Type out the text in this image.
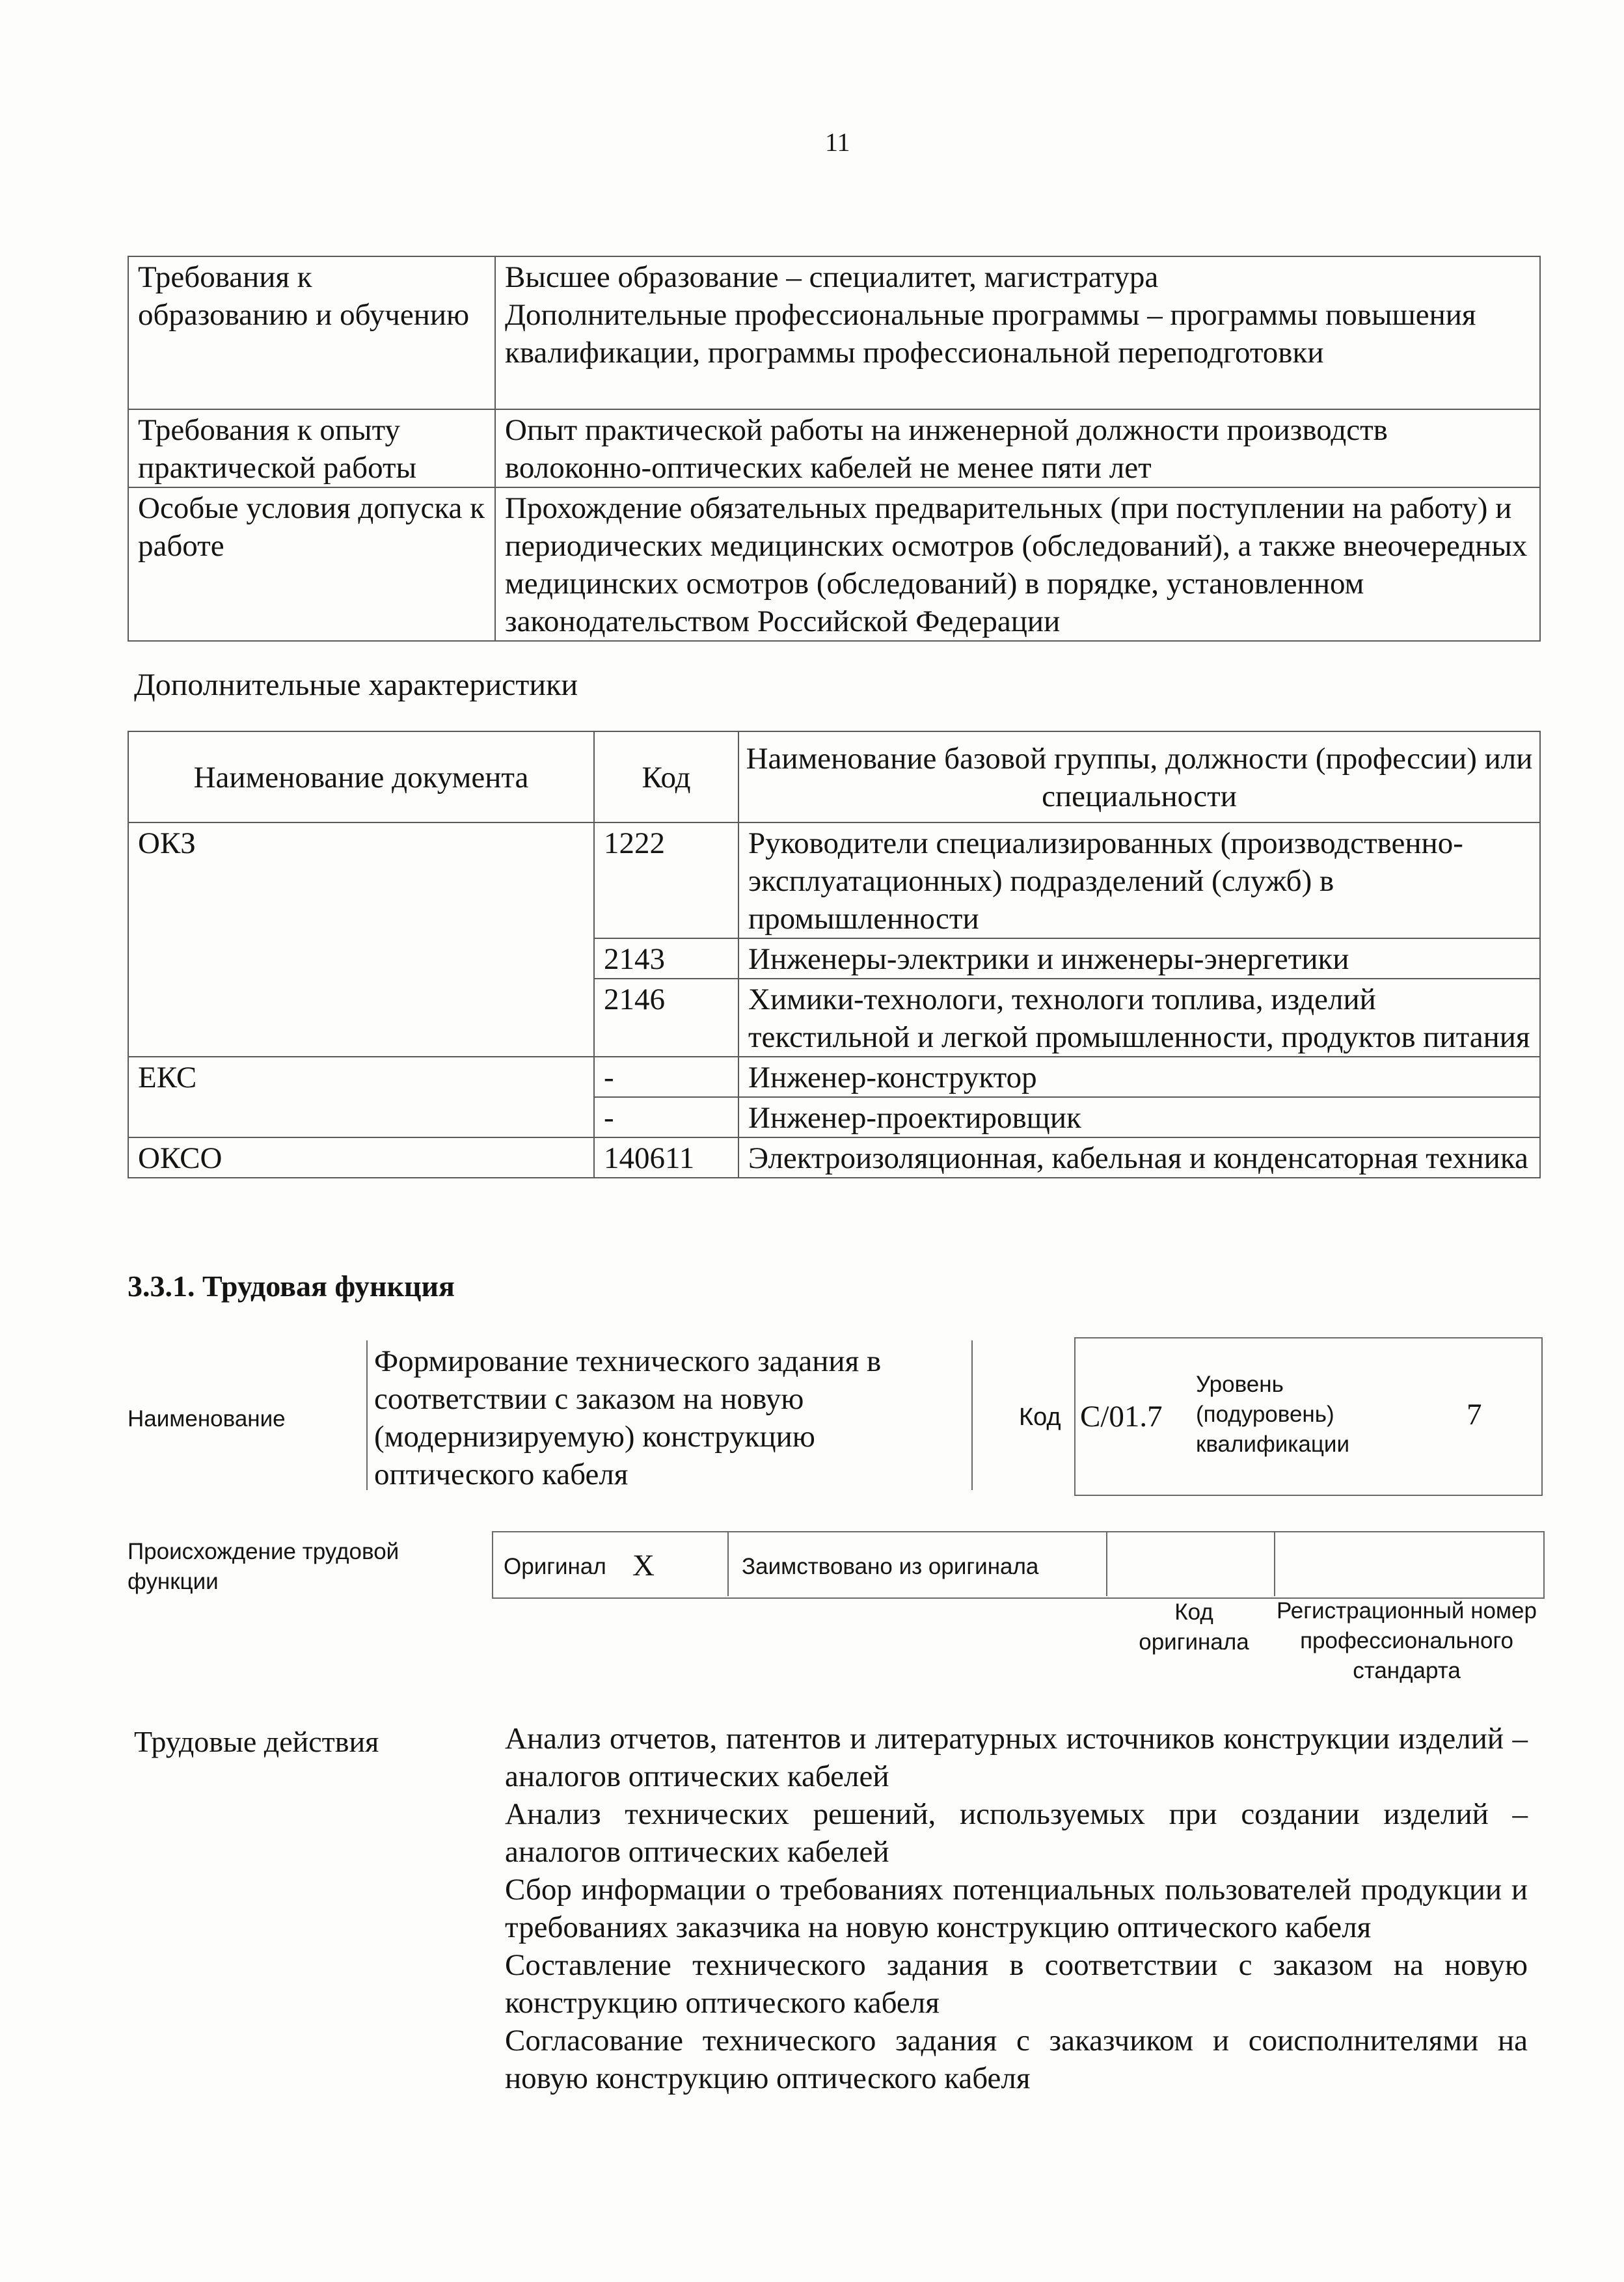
11
Требования к образованию и обучению	Высшее образование – специалитет, магистратура
Дополнительные профессиональные программы – программы повышения квалификации, программы профессиональной переподготовки

Требования к опыту практической работы	Опыт практической работы на инженерной должности производств волоконно-оптических кабелей не менее пяти лет

Особые условия допуска к работе	Прохождение обязательных предварительных (при поступлении на работу) и периодических медицинских осмотров (обследований), а также внеочередных медицинских осмотров (обследований) в порядке, установленном законодательством Российской Федерации
Дополнительные характеристики
Наименование документа	Код	Наименование базовой группы, должности (профессии) или специальности
ОКЗ	1222	Руководители специализированных (производственно-эксплуатационных) подразделений (служб) в промышленности
	2143	Инженеры-электрики и инженеры-энергетики
	2146	Химики-технологи, технологи топлива, изделий текстильной и легкой промышленности, продуктов питания
ЕКС	-	Инженер-конструктор
	-	Инженер-проектировщик
ОКСО	140611	Электроизоляционная, кабельная и конденсаторная техника
3.3.1. Трудовая функция
Наименование
Формирование технического задания в соответствии с заказом на новую (модернизируемую) конструкцию оптического кабеля
Код C/01.7
Уровень (подуровень) квалификации
7
Происхождение трудовой функции
Оригинал X	Заимствовано из оригинала
Код оригинала
Регистрационный номер профессионального стандарта
Трудовые действия	Анализ отчетов, патентов и литературных источников конструкции изделий – аналогов оптических кабелей

Анализ технических решений, используемых при создании изделий – аналогов оптических кабелей

Сбор информации о требованиях потенциальных пользователей продукции и требованиях заказчика на новую конструкцию оптического кабеля

Составление технического задания в соответствии с заказом на новую конструкцию оптического кабеля

Согласование технического задания с заказчиком и соисполнителями на новую конструкцию оптического кабеля
